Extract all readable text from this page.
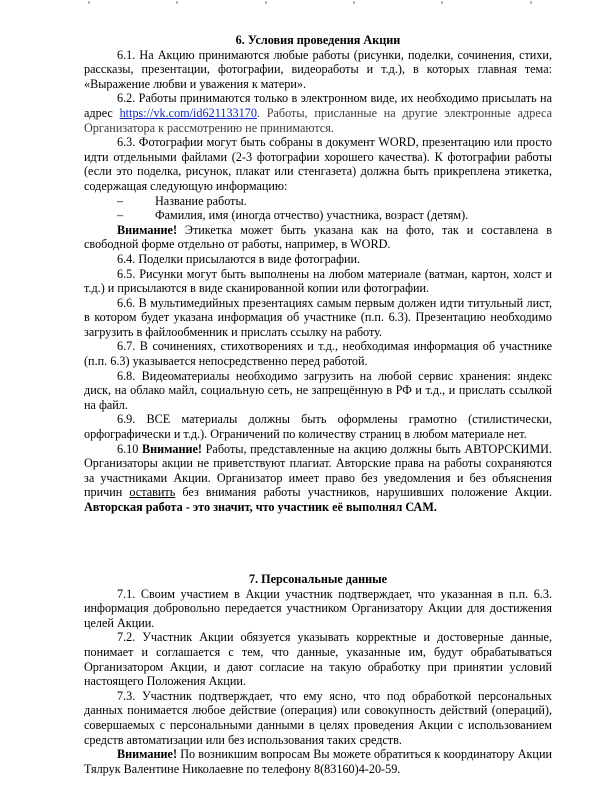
6. Условия проведения Акции

6.1. На Акцию принимаются любые работы (рисунки, поделки, сочинения, стихи, рассказы, презентации, фотографии, видеоработы и т.д.), в которых главная тема: «Выражение любви и уважения к матери».

6.2. Работы принимаются только в электронном виде, их необходимо присылать на адрес https://vk.com/id621133170. Работы, присланные на другие электронные адреса Организатора к рассмотрению не принимаются.

6.3. Фотографии могут быть собраны в документ WORD, презентацию или просто идти отдельными файлами (2-3 фотографии хорошего качества). К фотографии работы (если это поделка, рисунок, плакат или стенгазета) должна быть прикреплена этикетка, содержащая следующую информацию:

–	Название работы.

–	Фамилия, имя (иногда отчество) участника, возраст (детям).

Внимание! Этикетка может быть указана как на фото, так и составлена в свободной форме отдельно от работы, например, в WORD.

6.4. Поделки присылаются в виде фотографии.

6.5. Рисунки могут быть выполнены на любом материале (ватман, картон, холст и т.д.) и присылаются в виде сканированной копии или фотографии.

6.6. В мультимедийных презентациях самым первым должен идти титульный лист, в котором будет указана информация об участнике (п.п. 6.3). Презентацию необходимо загрузить в файлообменник и прислать ссылку на работу.

6.7. В сочинениях, стихотворениях и т.д., необходимая информация об участнике (п.п. 6.3) указывается непосредственно перед работой.

6.8. Видеоматериалы необходимо загрузить на любой сервис хранения: яндекс диск, на облако майл, социальную сеть, не запрещённую в РФ и т.д., и прислать ссылкой на файл.

6.9. ВСЕ материалы должны быть оформлены грамотно (стилистически, орфографически и т.д.). Ограничений по количеству страниц в любом материале нет.

6.10 Внимание! Работы, представленные на акцию должны быть АВТОРСКИМИ. Организаторы акции не приветствуют плагиат. Авторские права на работы сохраняются за участниками Акции. Организатор имеет право без уведомления и без объяснения причин оставить без внимания работы участников, нарушивших положение Акции. Авторская работа - это значит, что участник её выполнял САМ.

7. Персональные данные

7.1. Своим участием в Акции участник подтверждает, что указанная в п.п. 6.3. информация добровольно передается участником Организатору Акции для достижения целей Акции.

7.2. Участник Акции обязуется указывать корректные и достоверные данные, понимает и соглашается с тем, что данные, указанные им, будут обрабатываться Организатором Акции, и дают согласие на такую обработку при принятии условий настоящего Положения Акции.

7.3. Участник подтверждает, что ему ясно, что под обработкой персональных данных понимается любое действие (операция) или совокупность действий (операций), совершаемых с персональными данными в целях проведения Акции с использованием средств автоматизации или без использования таких средств.

Внимание! По возникшим вопросам Вы можете обратиться к координатору Акции Тялрук Валентине Николаевне по телефону 8(83160)4-20-59.
